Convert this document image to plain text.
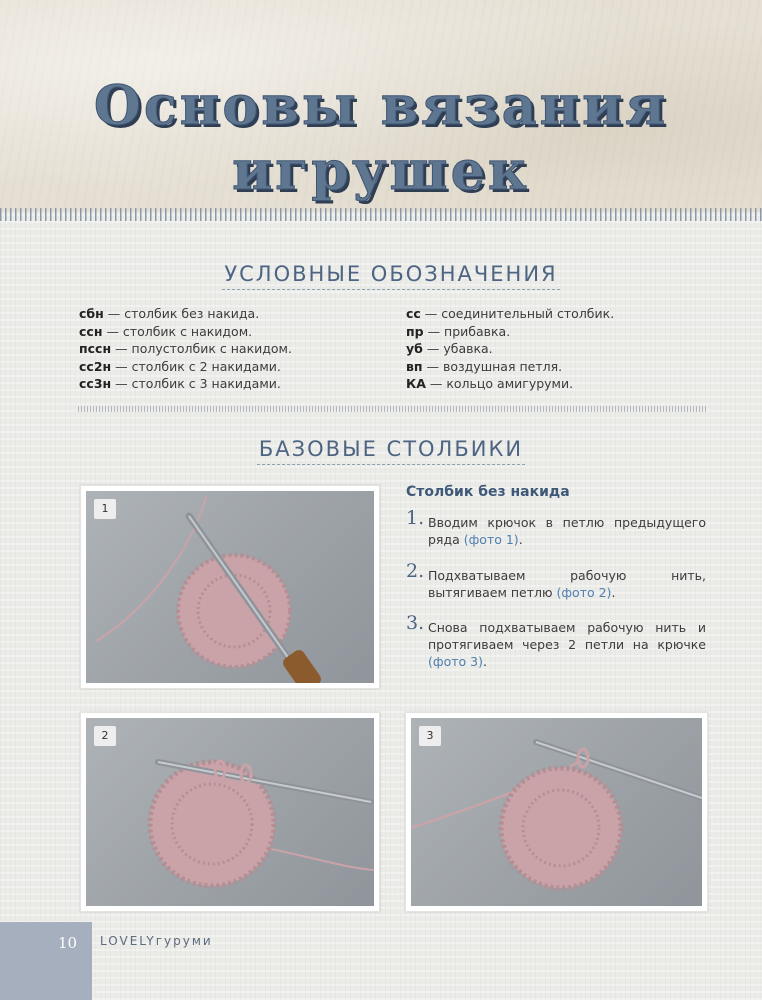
Основы вязания
игрушек
УСЛОВНЫЕ ОБОЗНАЧЕНИЯ
сбн — столбик без накида.
ссн — столбик с накидом.
пссн — полустолбик с накидом.
сс2н — столбик с 2 накидами.
сс3н — столбик с 3 накидами.
сс — соединительный столбик.
пр — прибавка.
уб — убавка.
вп — воздушная петля.
КА — кольцо амигуруми.
БАЗОВЫЕ СТОЛБИКИ
1
2	3
Столбик без накида
1. Вводим крючок в петлю предыдущего ряда (фото 1).
2. Подхватываем рабочую нить, вытягиваем петлю (фото 2).
3. Снова подхватываем рабочую нить и протягиваем через 2 петли на крючке (фото 3).
10 LOVELYгуруми
